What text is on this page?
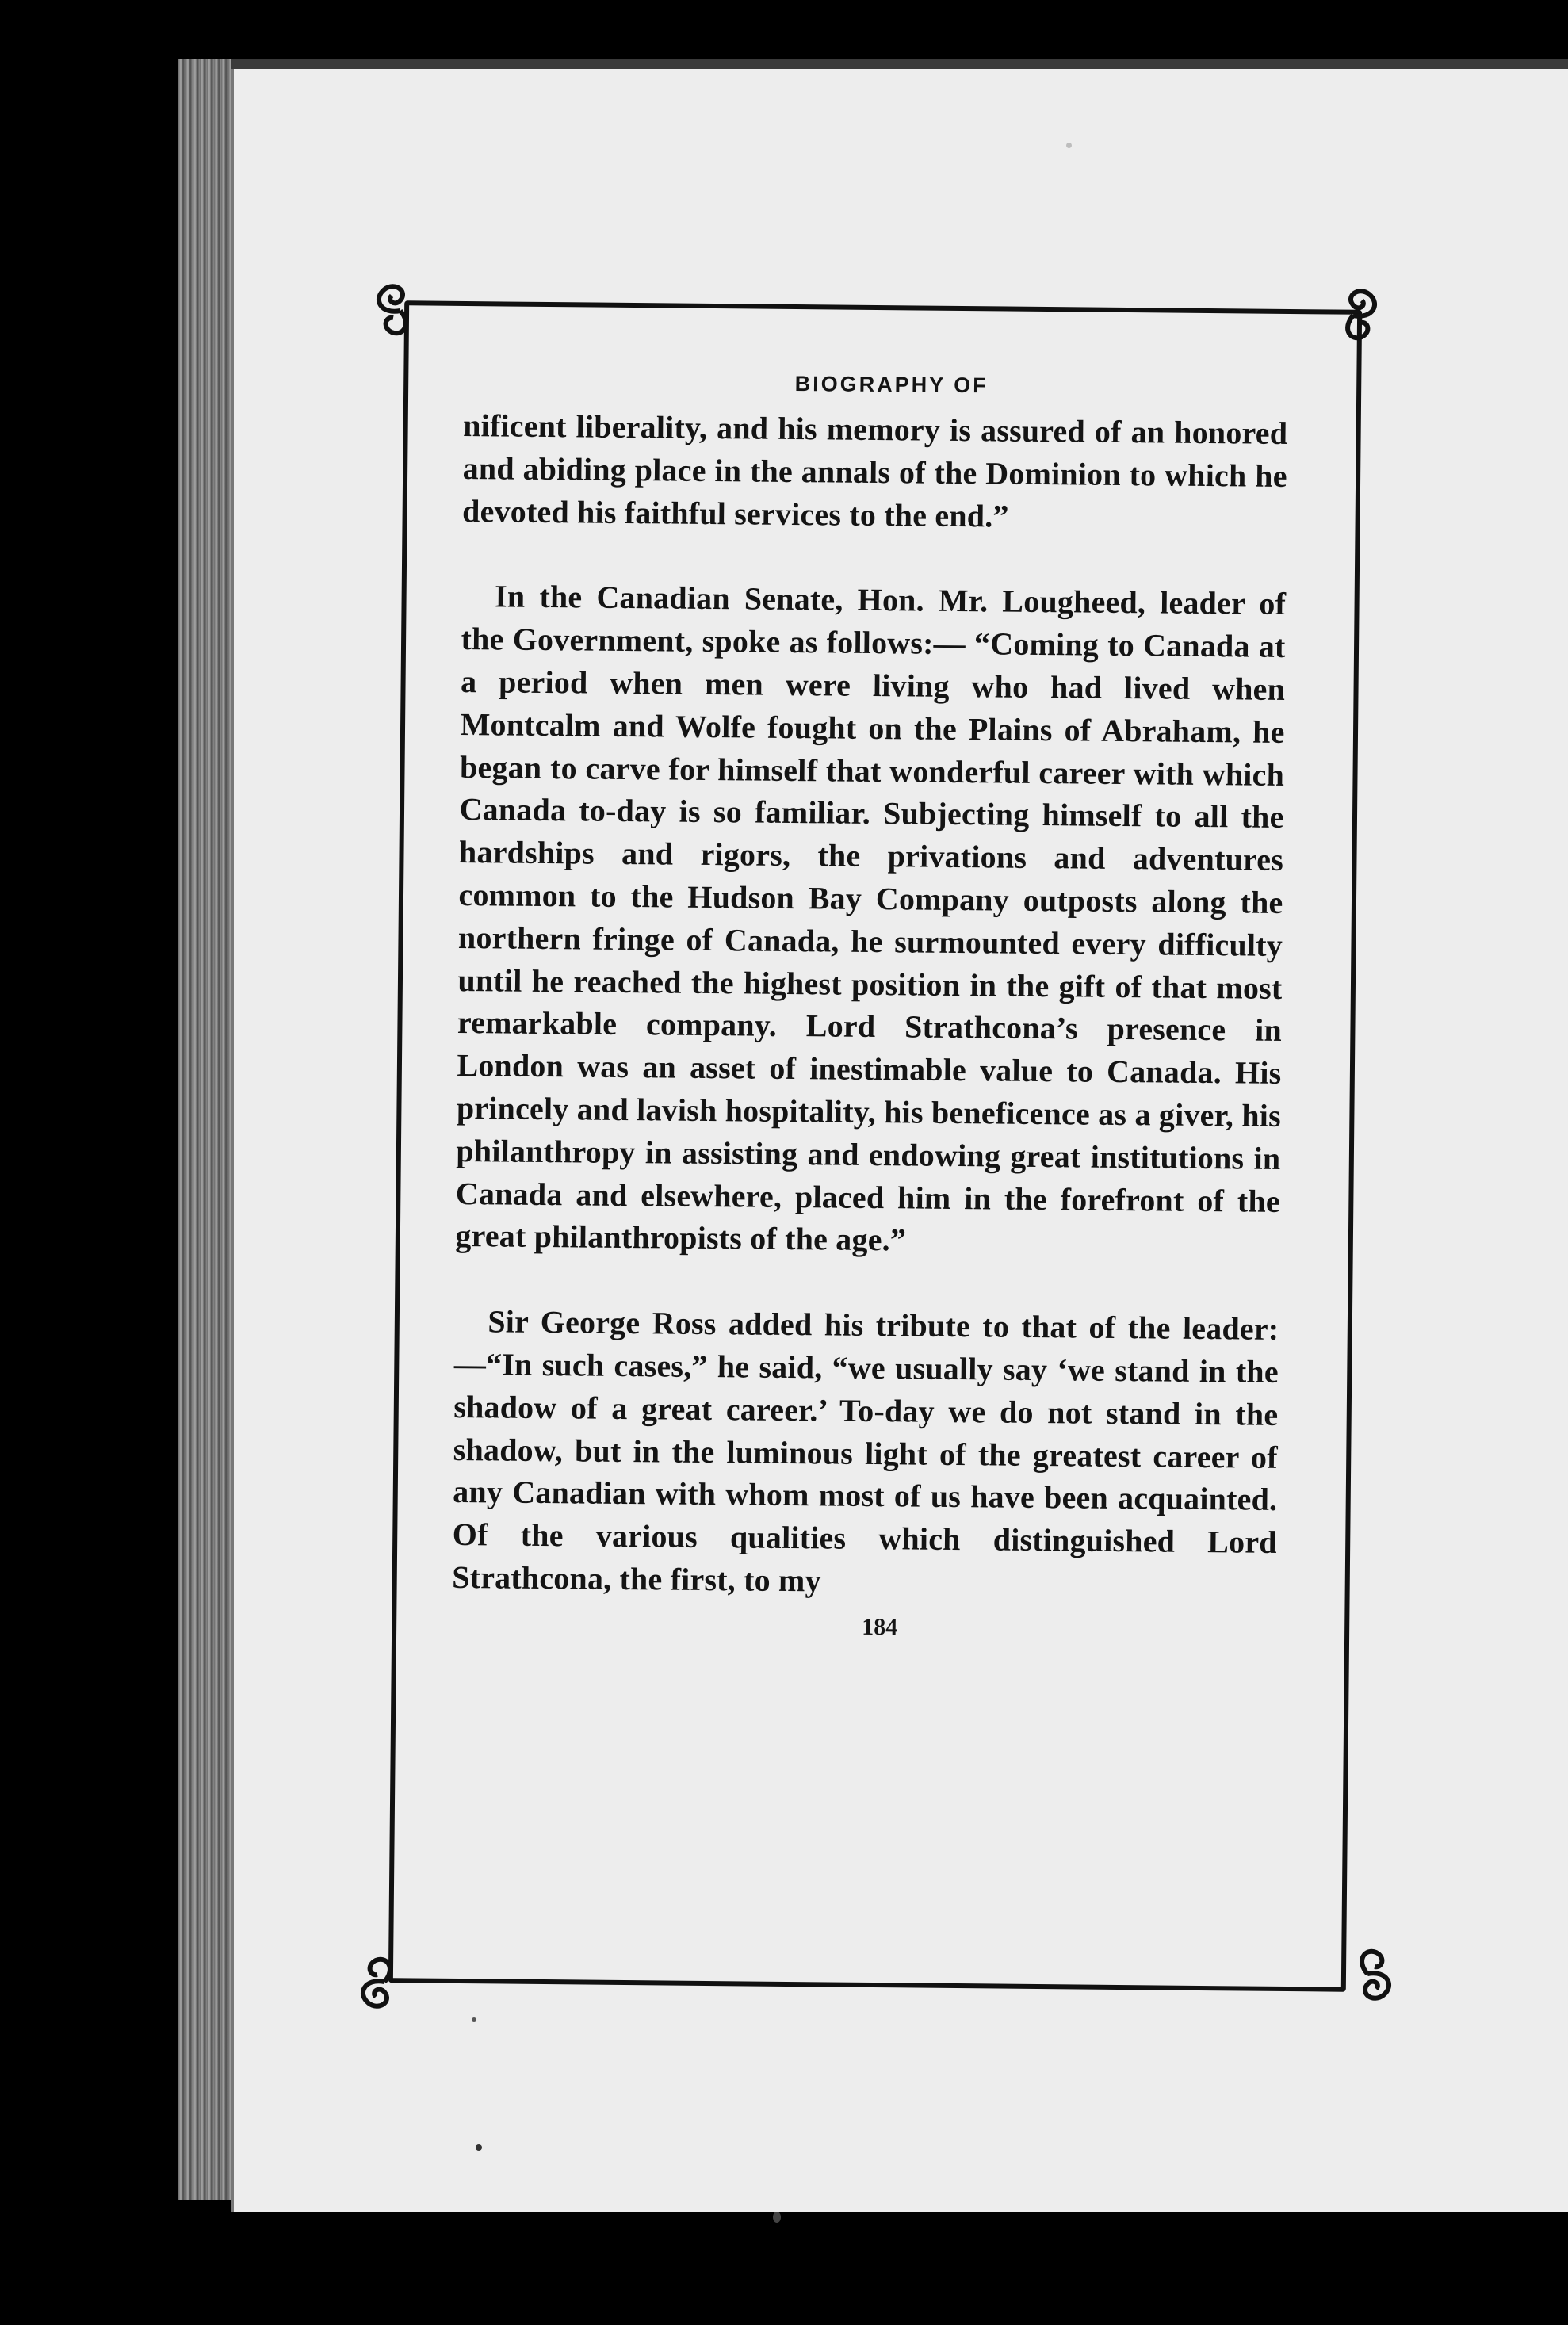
BIOGRAPHY OF

nificent liberality, and his memory is assured of an honored and abiding place in the annals of the Dominion to which he devoted his faithful services to the end.”

In the Canadian Senate, Hon. Mr. Lougheed, leader of the Government, spoke as follows:— “Coming to Canada at a period when men were living who had lived when Montcalm and Wolfe fought on the Plains of Abraham, he began to carve for himself that wonderful career with which Canada to-day is so familiar. Subjecting himself to all the hardships and rigors, the privations and adventures common to the Hudson Bay Company outposts along the northern fringe of Canada, he surmounted every difficulty until he reached the highest position in the gift of that most remarkable company. Lord Strathcona’s presence in London was an asset of inestimable value to Canada. His princely and lavish hospitality, his beneficence as a giver, his philanthropy in assisting and endowing great institutions in Canada and elsewhere, placed him in the forefront of the great philanthropists of the age.”

Sir George Ross added his tribute to that of the leader:—“In such cases,” he said, “we usually say ‘we stand in the shadow of a great career.’ To-day we do not stand in the shadow, but in the luminous light of the greatest career of any Canadian with whom most of us have been acquainted. Of the various qualities which distinguished Lord Strathcona, the first, to my

184
